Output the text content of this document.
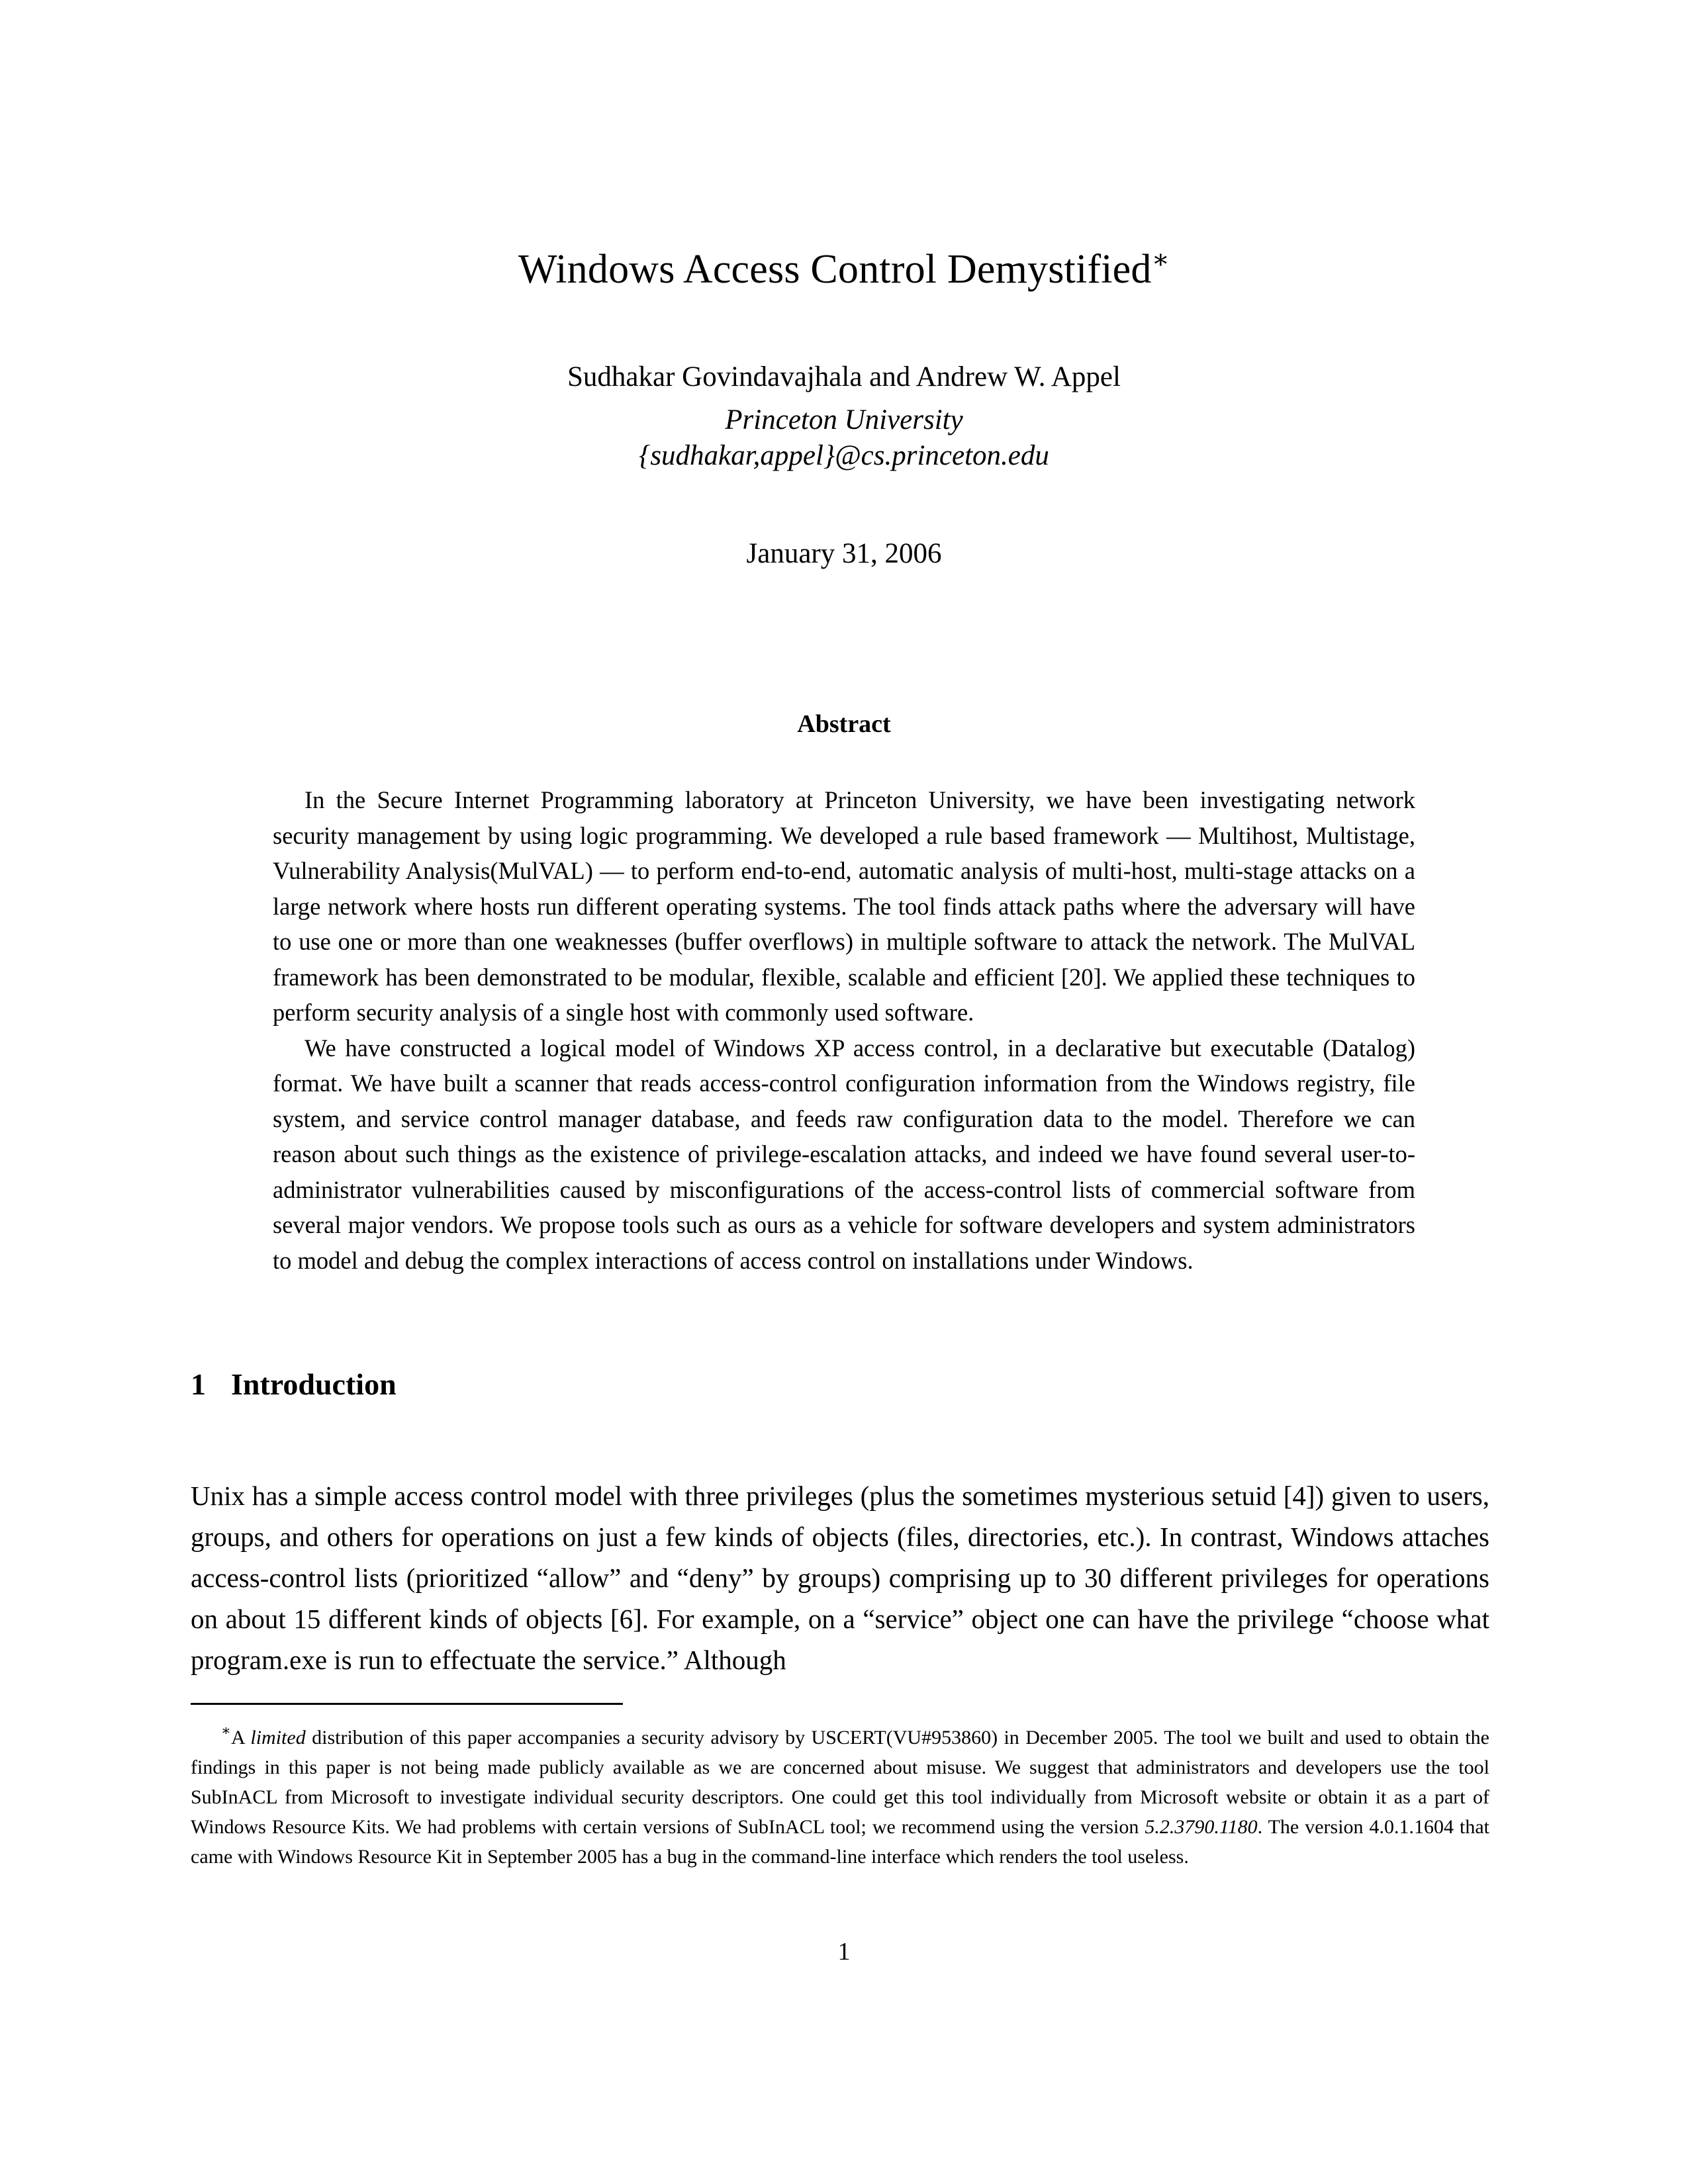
Windows Access Control Demystified∗
Sudhakar Govindavajhala and Andrew W. Appel
Princeton University
{sudhakar,appel}@cs.princeton.edu
January 31, 2006
Abstract

In the Secure Internet Programming laboratory at Princeton University, we have been investigating network security management by using logic programming. We developed a rule based framework — Multihost, Multistage, Vulnerability Analysis(MulVAL) — to perform end-to-end, automatic analysis of multi-host, multi-stage attacks on a large network where hosts run different operating systems. The tool finds attack paths where the adversary will have to use one or more than one weaknesses (buffer overflows) in multiple software to attack the network. The MulVAL framework has been demonstrated to be modular, flexible, scalable and efficient [20]. We applied these techniques to perform security analysis of a single host with commonly used software.

We have constructed a logical model of Windows XP access control, in a declarative but executable (Datalog) format. We have built a scanner that reads access-control configuration information from the Windows registry, file system, and service control manager database, and feeds raw configuration data to the model. Therefore we can reason about such things as the existence of privilege-escalation attacks, and indeed we have found several user-to-administrator vulnerabilities caused by misconfigurations of the access-control lists of commercial software from several major vendors. We propose tools such as ours as a vehicle for software developers and system administrators to model and debug the complex interactions of access control on installations under Windows.

1 Introduction

Unix has a simple access control model with three privileges (plus the sometimes mysterious setuid [4]) given to users, groups, and others for operations on just a few kinds of objects (files, directories, etc.). In contrast, Windows attaches access-control lists (prioritized “allow” and “deny” by groups) comprising up to 30 different privileges for operations on about 15 different kinds of objects [6]. For example, on a “service” object one can have the privilege “choose what program.exe is run to effectuate the service.” Although

∗A limited distribution of this paper accompanies a security advisory by USCERT(VU#953860) in December 2005. The tool we built and used to obtain the findings in this paper is not being made publicly available as we are concerned about misuse. We suggest that administrators and developers use the tool SubInACL from Microsoft to investigate individual security descriptors. One could get this tool individually from Microsoft website or obtain it as a part of Windows Resource Kits. We had problems with certain versions of SubInACL tool; we recommend using the version 5.2.3790.1180. The version 4.0.1.1604 that came with Windows Resource Kit in September 2005 has a bug in the command-line interface which renders the tool useless.

1
